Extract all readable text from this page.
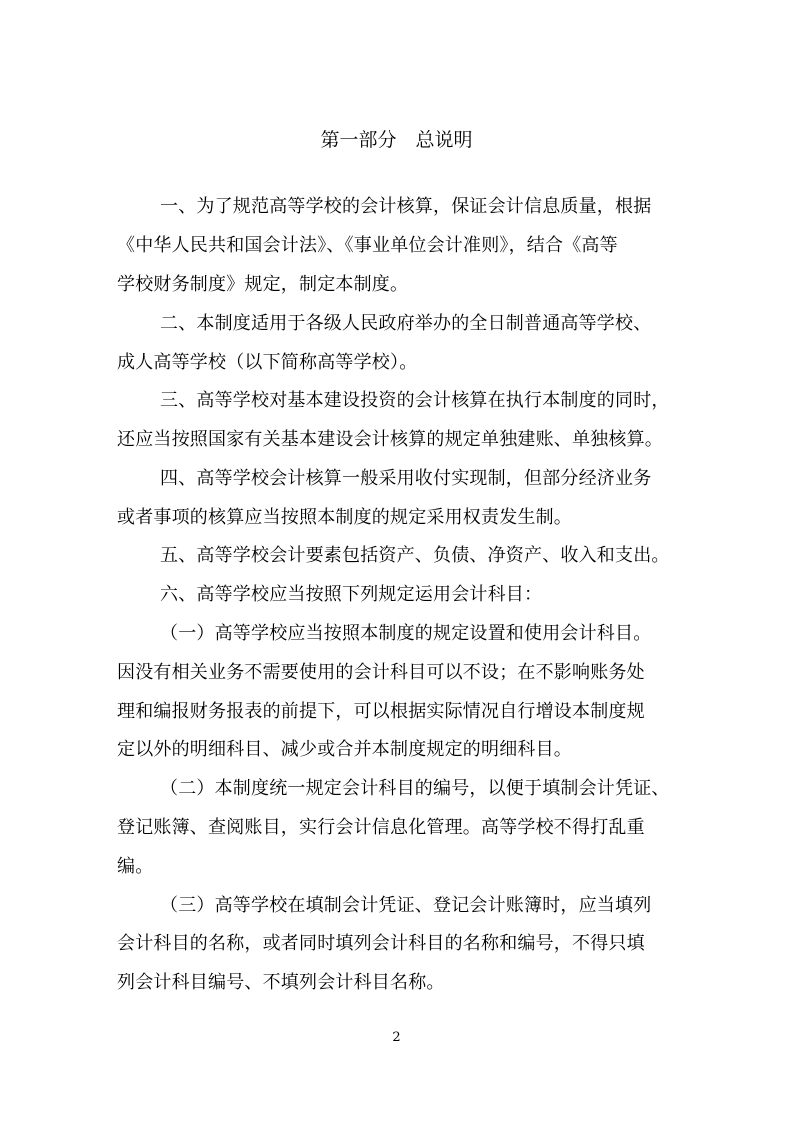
第一部分　总说明
一、为了规范高等学校的会计核算，保证会计信息质量，根据
《中华人民共和国会计法》、《事业单位会计准则》，结合《高等
学校财务制度》规定，制定本制度。
二、本制度适用于各级人民政府举办的全日制普通高等学校、
成人高等学校（以下简称高等学校）。
三、高等学校对基本建设投资的会计核算在执行本制度的同时，
还应当按照国家有关基本建设会计核算的规定单独建账、单独核算。
四、高等学校会计核算一般采用收付实现制，但部分经济业务
或者事项的核算应当按照本制度的规定采用权责发生制。
五、高等学校会计要素包括资产、负债、净资产、收入和支出。
六、高等学校应当按照下列规定运用会计科目：
（一）高等学校应当按照本制度的规定设置和使用会计科目。
因没有相关业务不需要使用的会计科目可以不设；在不影响账务处
理和编报财务报表的前提下，可以根据实际情况自行增设本制度规
定以外的明细科目、减少或合并本制度规定的明细科目。
（二）本制度统一规定会计科目的编号，以便于填制会计凭证、
登记账簿、查阅账目，实行会计信息化管理。高等学校不得打乱重
编。
（三）高等学校在填制会计凭证、登记会计账簿时，应当填列
会计科目的名称，或者同时填列会计科目的名称和编号，不得只填
列会计科目编号、不填列会计科目名称。
2
